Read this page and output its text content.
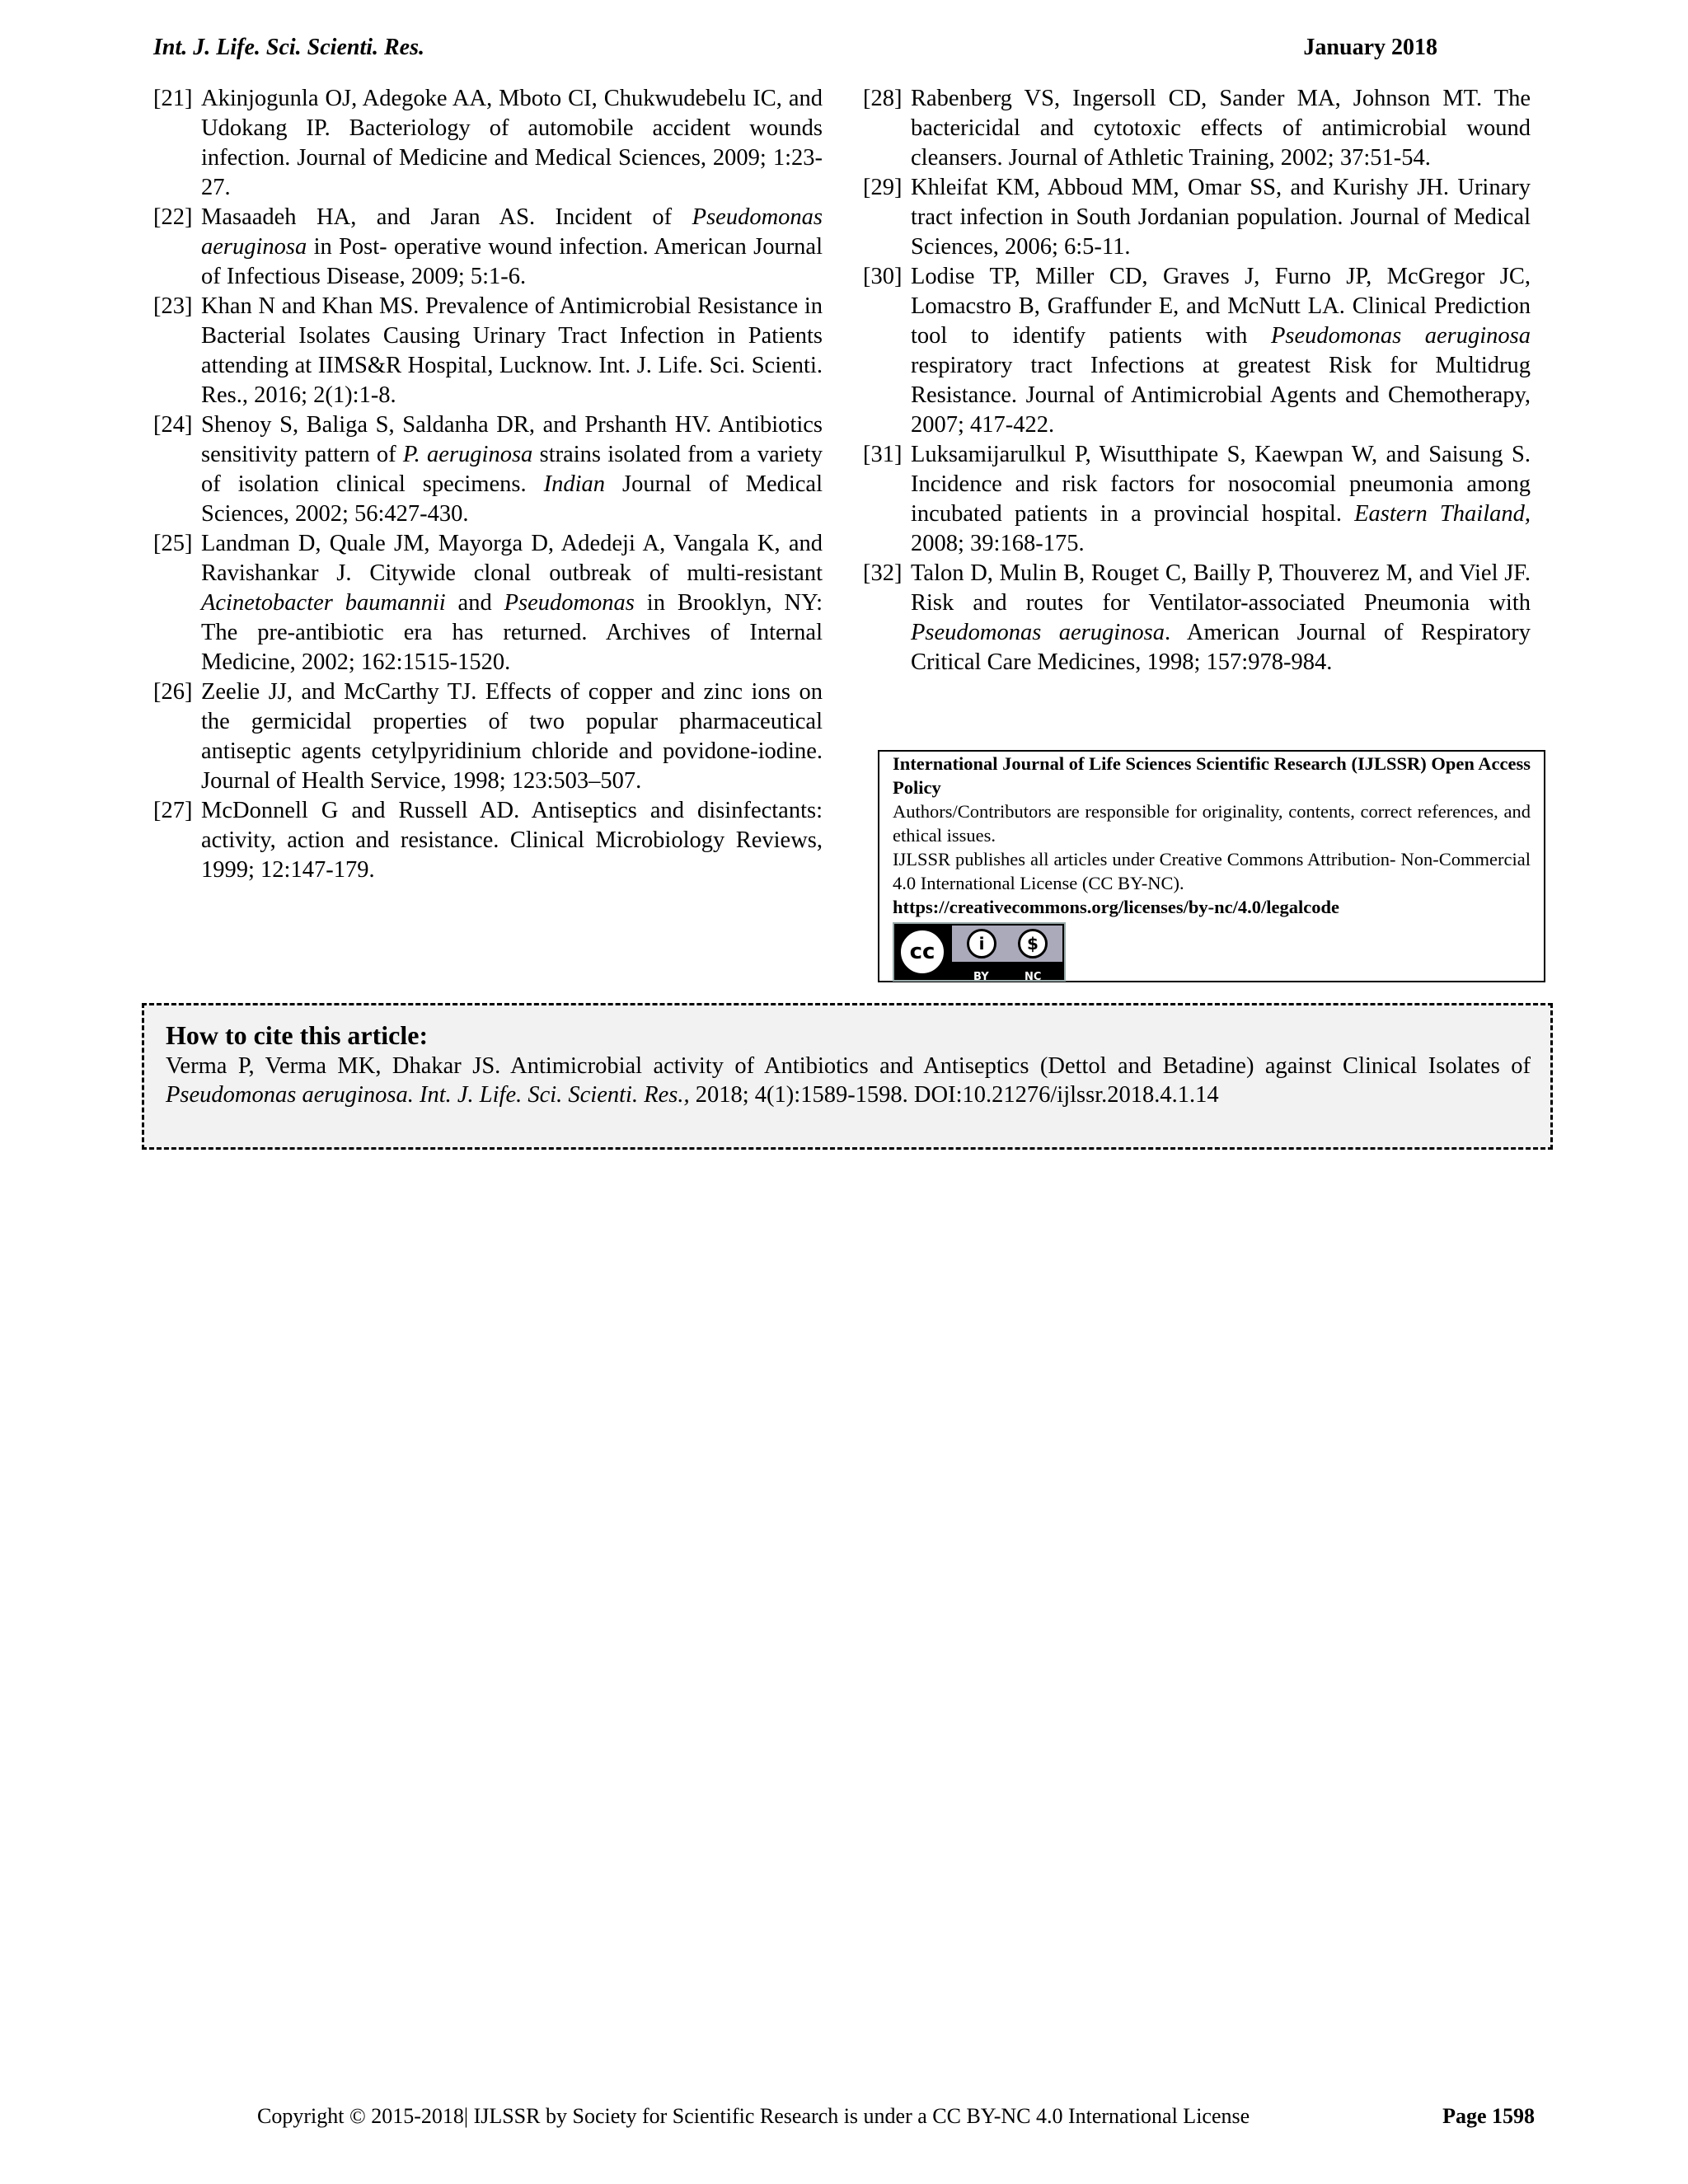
Int. J. Life. Sci. Scienti. Res.	January 2018
[21] Akinjogunla OJ, Adegoke AA, Mboto CI, Chukwudebelu IC, and Udokang IP. Bacteriology of automobile accident wounds infection. Journal of Medicine and Medical Sciences, 2009; 1:23-27.
[22] Masaadeh HA, and Jaran AS. Incident of Pseudomonas aeruginosa in Post- operative wound infection. American Journal of Infectious Disease, 2009; 5:1-6.
[23] Khan N and Khan MS. Prevalence of Antimicrobial Resistance in Bacterial Isolates Causing Urinary Tract Infection in Patients attending at IIMS&R Hospital, Lucknow. Int. J. Life. Sci. Scienti. Res., 2016; 2(1):1-8.
[24] Shenoy S, Baliga S, Saldanha DR, and Prshanth HV. Antibiotics sensitivity pattern of P. aeruginosa strains isolated from a variety of isolation clinical specimens. Indian Journal of Medical Sciences, 2002; 56:427-430.
[25] Landman D, Quale JM, Mayorga D, Adedeji A, Vangala K, and Ravishankar J. Citywide clonal outbreak of multi-resistant Acinetobacter baumannii and Pseudomonas in Brooklyn, NY: The pre-antibiotic era has returned. Archives of Internal Medicine, 2002; 162:1515-1520.
[26] Zeelie JJ, and McCarthy TJ. Effects of copper and zinc ions on the germicidal properties of two popular pharmaceutical antiseptic agents cetylpyridinium chloride and povidone-iodine. Journal of Health Service, 1998; 123:503–507.
[27] McDonnell G and Russell AD. Antiseptics and disinfectants: activity, action and resistance. Clinical Microbiology Reviews, 1999; 12:147-179.
[28] Rabenberg VS, Ingersoll CD, Sander MA, Johnson MT. The bactericidal and cytotoxic effects of antimicrobial wound cleansers. Journal of Athletic Training, 2002; 37:51-54.
[29] Khleifat KM, Abboud MM, Omar SS, and Kurishy JH. Urinary tract infection in South Jordanian population. Journal of Medical Sciences, 2006; 6:5-11.
[30] Lodise TP, Miller CD, Graves J, Furno JP, McGregor JC, Lomacstro B, Graffunder E, and McNutt LA. Clinical Prediction tool to identify patients with Pseudomonas aeruginosa respiratory tract Infections at greatest Risk for Multidrug Resistance. Journal of Antimicrobial Agents and Chemotherapy, 2007; 417-422.
[31] Luksamijarulkul P, Wisutthipate S, Kaewpan W, and Saisung S. Incidence and risk factors for nosocomial pneumonia among incubated patients in a provincial hospital. Eastern Thailand, 2008; 39:168-175.
[32] Talon D, Mulin B, Rouget C, Bailly P, Thouverez M, and Viel JF. Risk and routes for Ventilator-associated Pneumonia with Pseudomonas aeruginosa. American Journal of Respiratory Critical Care Medicines, 1998; 157:978-984.
International Journal of Life Sciences Scientific Research (IJLSSR) Open Access Policy
Authors/Contributors are responsible for originality, contents, correct references, and ethical issues.
IJLSSR publishes all articles under Creative Commons Attribution- Non-Commercial 4.0 International License (CC BY-NC).
https://creativecommons.org/licenses/by-nc/4.0/legalcode
cc	i	$
BY	NC
How to cite this article:
Verma P, Verma MK, Dhakar JS. Antimicrobial activity of Antibiotics and Antiseptics (Dettol and Betadine) against Clinical Isolates of Pseudomonas aeruginosa. Int. J. Life. Sci. Scienti. Res., 2018; 4(1):1589-1598. DOI:10.21276/ijlssr.2018.4.1.14
Copyright © 2015-2018| IJLSSR by Society for Scientific Research is under a CC BY-NC 4.0 International License	Page 1598
